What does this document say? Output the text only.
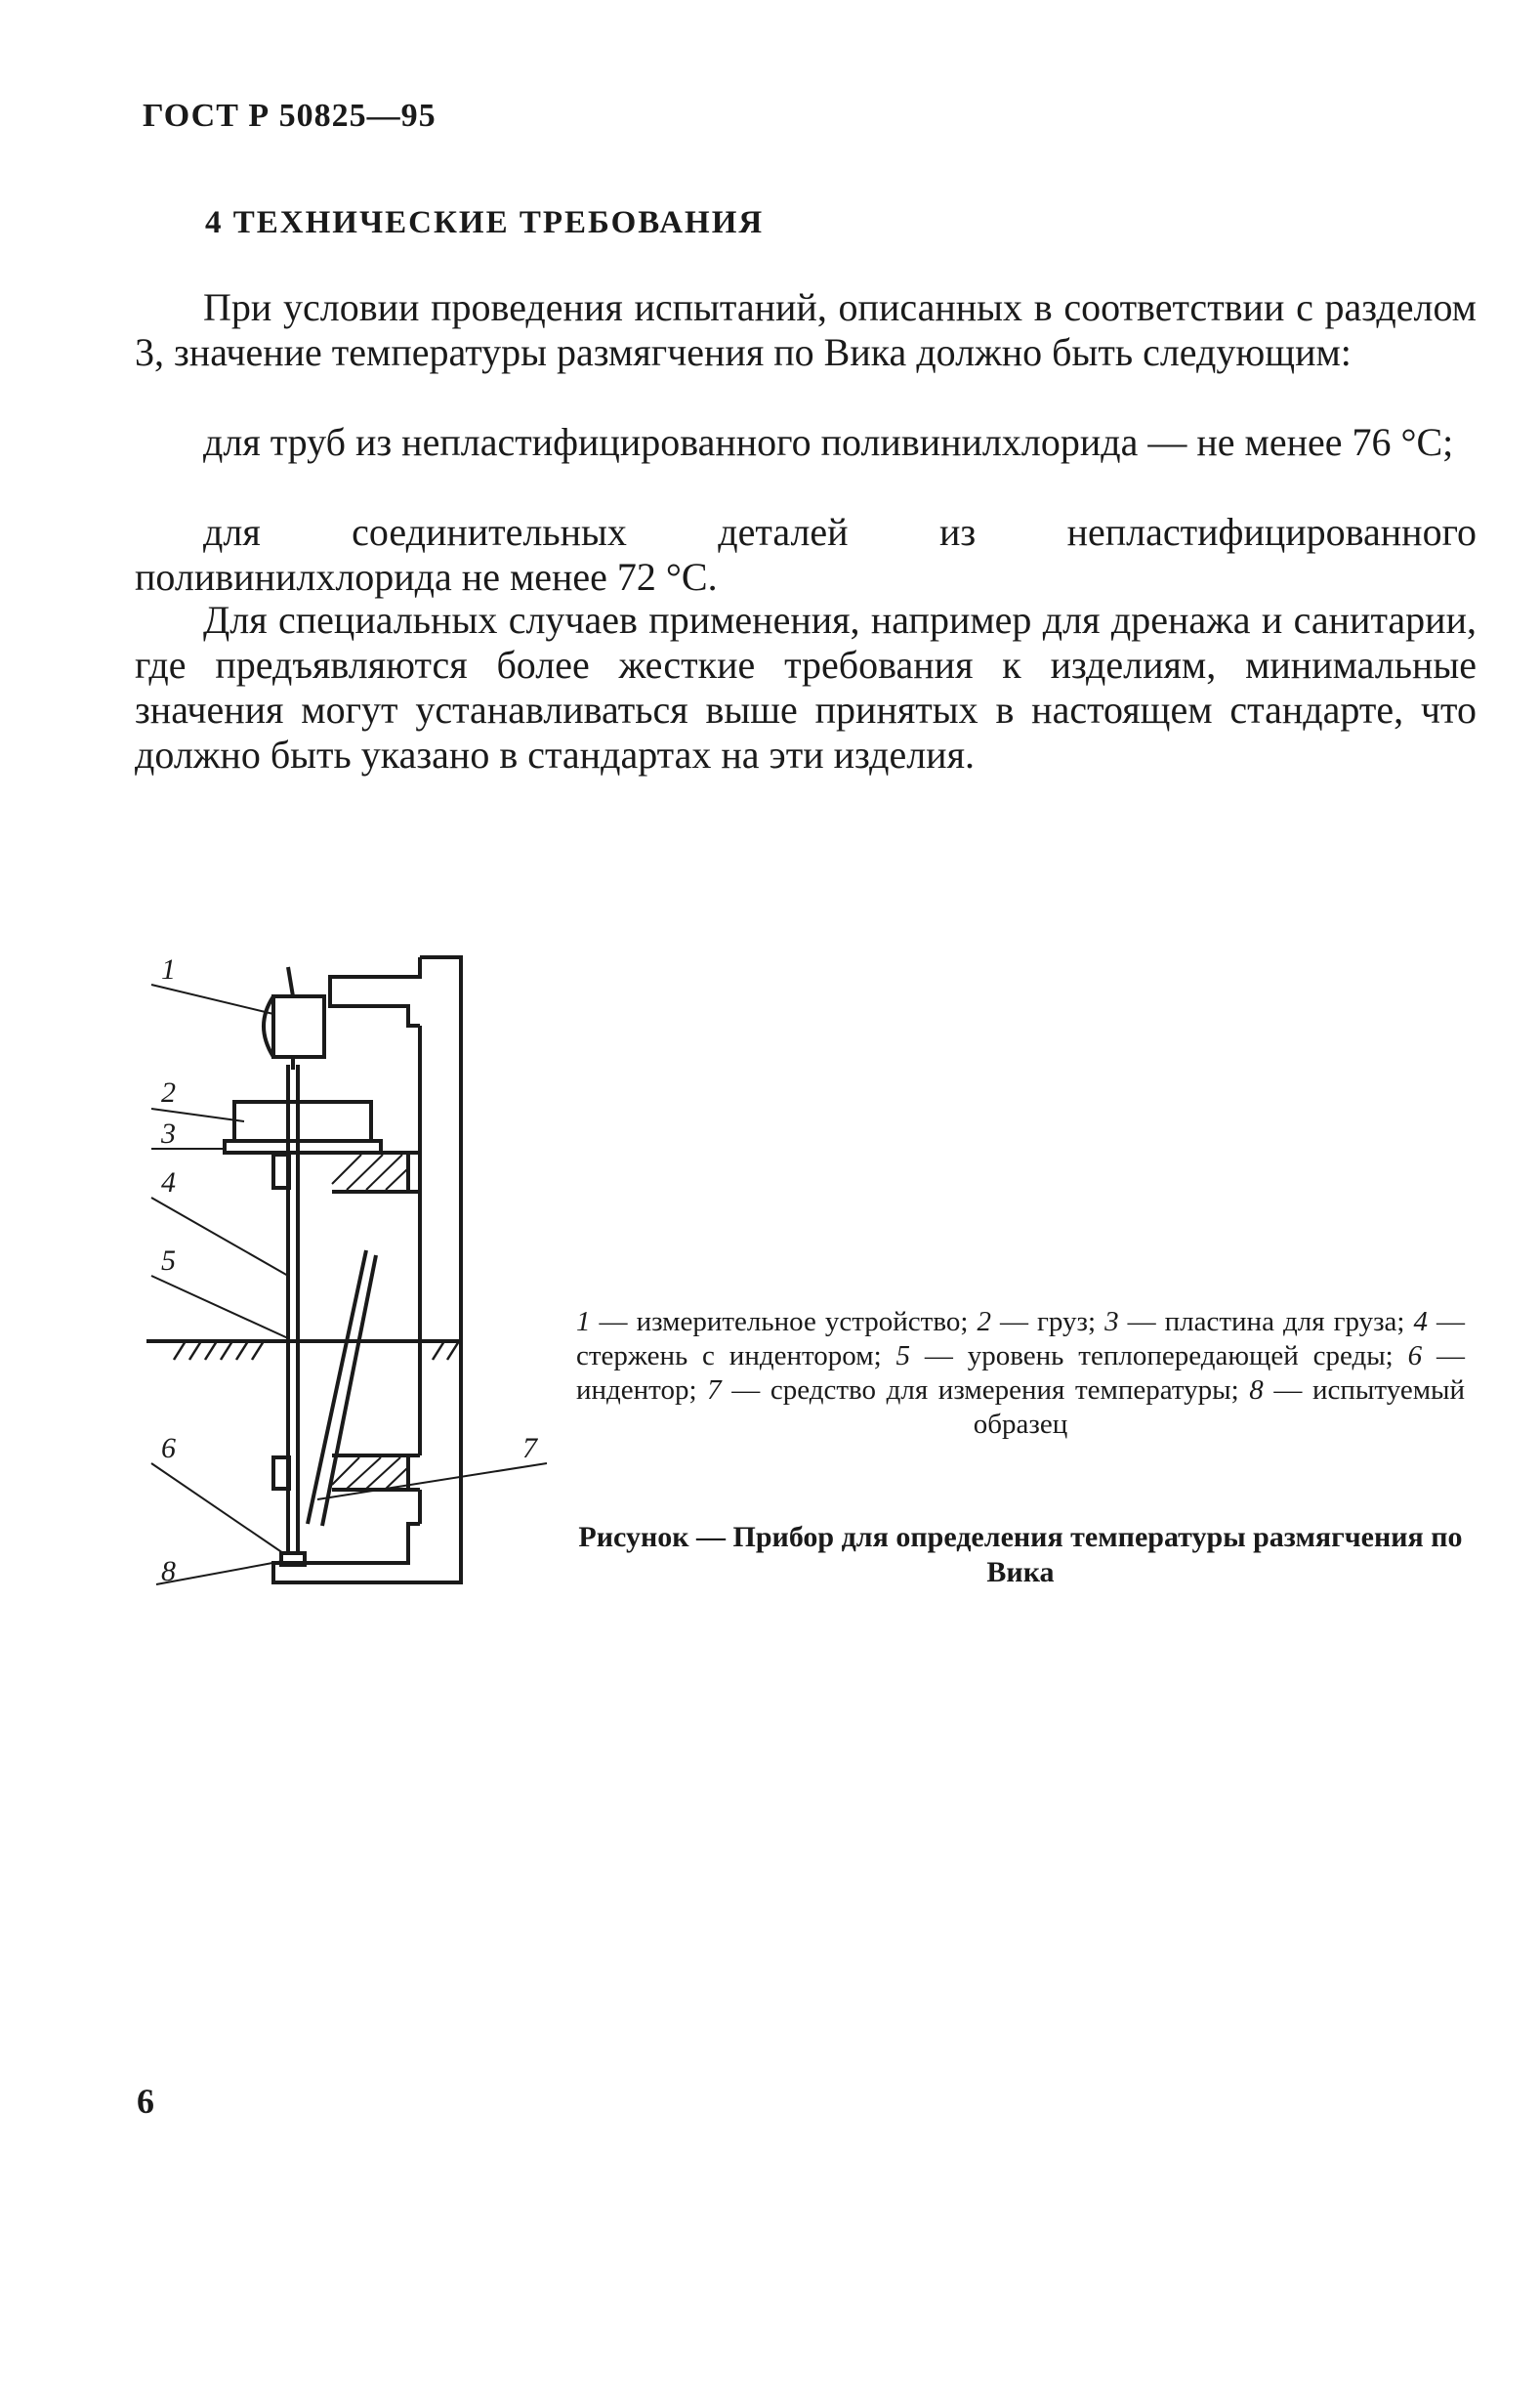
ГОСТ Р 50825—95
4 ТЕХНИЧЕСКИЕ ТРЕБОВАНИЯ

При условии проведения испытаний, описанных в соответствии с разделом 3, значение температуры размягчения по Вика должно быть следующим:

для труб из непластифицированного поливинилхлорида — не менее 76 °С;

для соединительных деталей из непластифицированного поливинилхлорида не менее 72 °С.

Для специальных случаев применения, например для дренажа и санитарии, где предъявляются более жесткие требования к изделиям, минимальные значения могут устанавливаться выше принятых в настоящем стандарте, что должно быть указано в стандартах на эти изделия.

1
2
3
4
5
6	7
8

1 — измерительное устройство; 2 — груз; 3 — пластина для груза; 4 — стержень с индентором; 5 — уровень теплопередающей среды; 6 — индентор; 7 — средство для измерения температуры; 8 — испытуемый образец

Рисунок — Прибор для определения температуры размягчения по Вика

6
